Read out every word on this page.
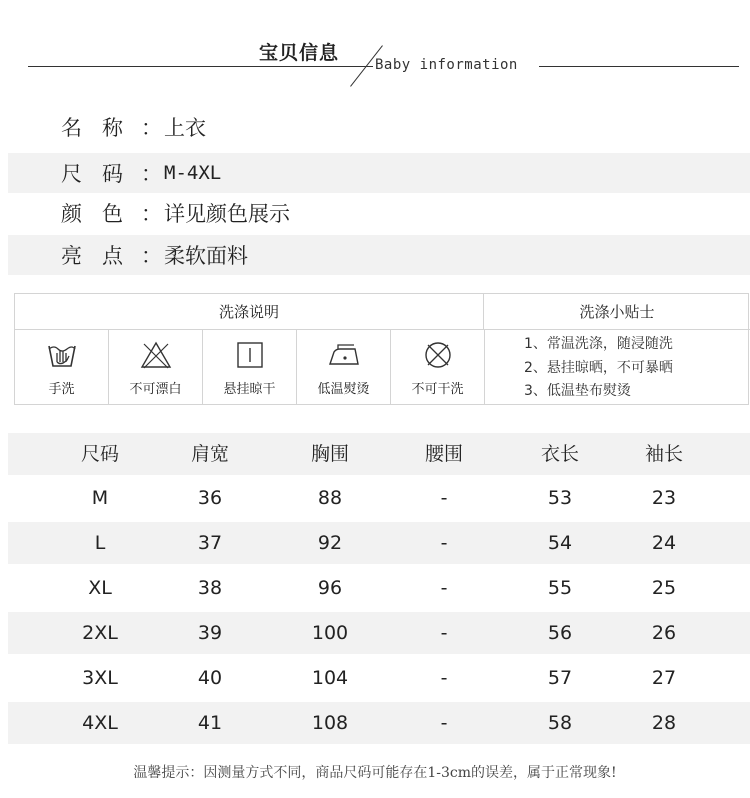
宝贝信息
Baby information
名称
： 上衣
尺码
： M-4XL
颜色
： 详见颜色展示
亮点
： 柔软面料
洗涤说明	洗涤小贴士
手洗	不可漂白	悬挂晾干	低温熨烫	不可干洗
1、常温洗涤，随浸随洗
2、悬挂晾晒，不可暴晒
3、低温垫布熨烫
尺码	肩宽	胸围	腰围	衣长	袖长
M	36	88	-	53	23
L	37	92	-	54	24
XL	38	96	-	55	25
2XL	39	100	-	56	26
3XL	40	104	-	57	27
4XL	41	108	-	58	28
温馨提示：因测量方式不同，商品尺码可能存在1-3cm的误差，属于正常现象!
